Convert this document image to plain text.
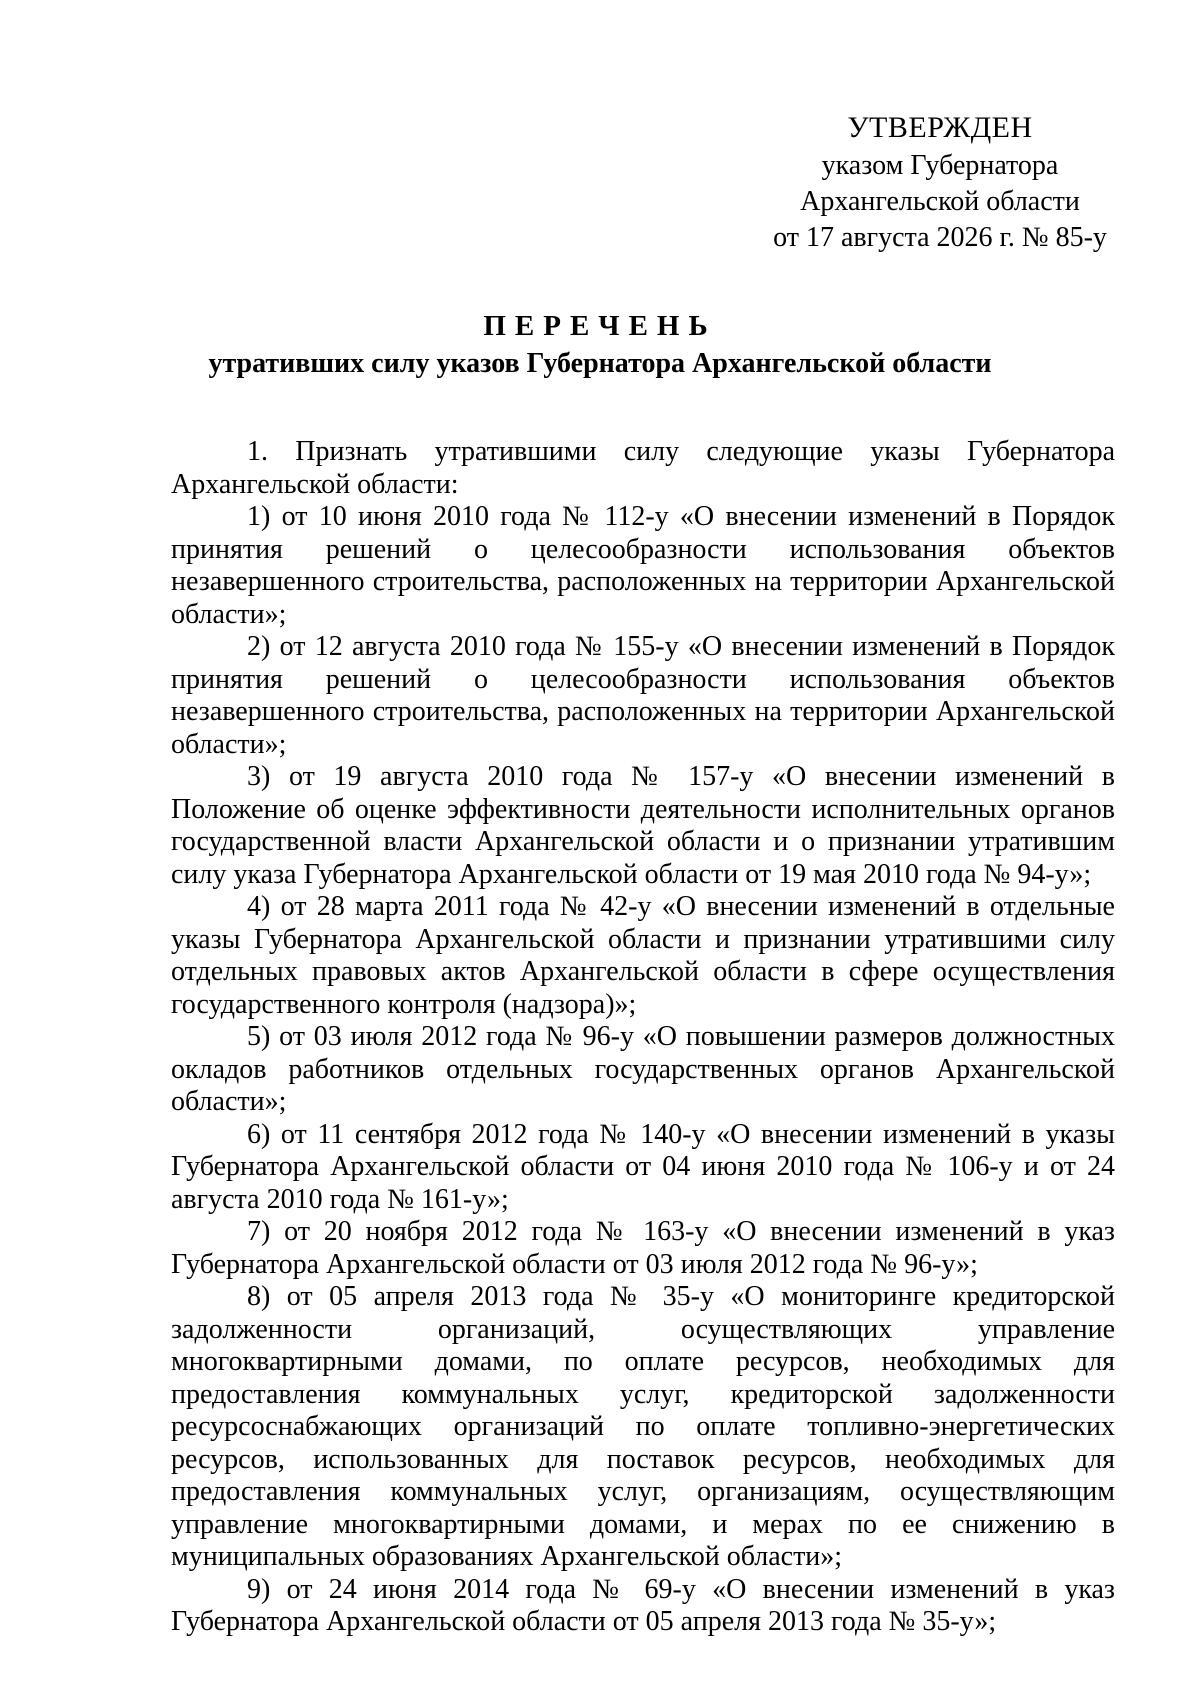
УТВЕРЖДЕН
указом Губернатора
Архангельской области
от 17 августа 2026 г. № 85-у
ПЕРЕЧЕНЬ
утративших силу указов Губернатора Архангельской области

1. Признать утратившими силу следующие указы Губернатора Архангельской области:

1) от 10 июня 2010 года № 112-у «О внесении изменений в Порядок принятия решений о целесообразности использования объектов незавершенного строительства, расположенных на территории Архангельской области»;

2) от 12 августа 2010 года № 155-у «О внесении изменений в Порядок принятия решений о целесообразности использования объектов незавершенного строительства, расположенных на территории Архангельской области»;

3) от 19 августа 2010 года № 157-у «О внесении изменений в Положение об оценке эффективности деятельности исполнительных органов государственной власти Архангельской области и о признании утратившим силу указа Губернатора Архангельской области от 19 мая 2010 года № 94-у»;

4) от 28 марта 2011 года № 42-у «О внесении изменений в отдельные указы Губернатора Архангельской области и признании утратившими силу отдельных правовых актов Архангельской области в сфере осуществления государственного контроля (надзора)»;

5) от 03 июля 2012 года № 96-у «О повышении размеров должностных окладов работников отдельных государственных органов Архангельской области»;

6) от 11 сентября 2012 года № 140-у «О внесении изменений в указы Губернатора Архангельской области от 04 июня 2010 года № 106-у и от 24 августа 2010 года № 161-у»;

7) от 20 ноября 2012 года № 163-у «О внесении изменений в указ Губернатора Архангельской области от 03 июля 2012 года № 96-у»;

8) от 05 апреля 2013 года № 35-у «О мониторинге кредиторской задолженности организаций, осуществляющих управление многоквартирными домами, по оплате ресурсов, необходимых для предоставления коммунальных услуг, кредиторской задолженности ресурсоснабжающих организаций по оплате топливно-энергетических ресурсов, использованных для поставок ресурсов, необходимых для предоставления коммунальных услуг, организациям, осуществляющим управление многоквартирными домами, и мерах по ее снижению в муниципальных образованиях Архангельской области»;

9) от 24 июня 2014 года № 69-у «О внесении изменений в указ Губернатора Архангельской области от 05 апреля 2013 года № 35-у»;
